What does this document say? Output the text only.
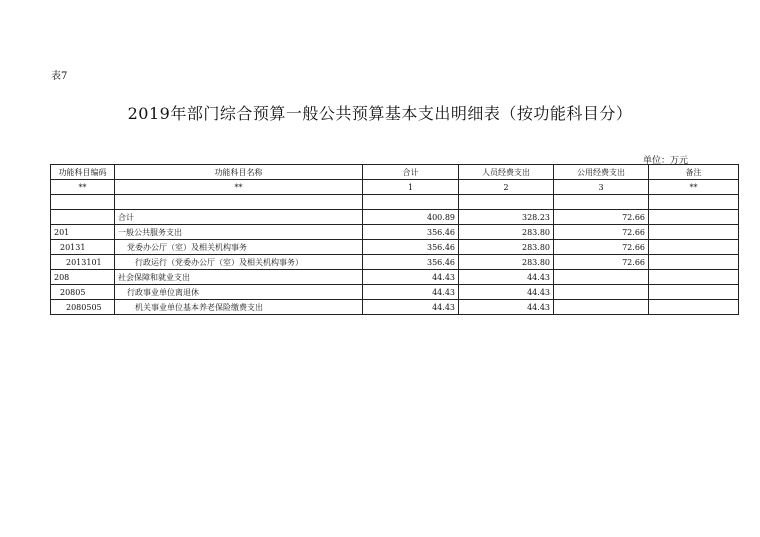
表7
2019年部门综合预算一般公共预算基本支出明细表（按功能科目分）
单位：万元
功能科目编码	功能科目名称	合计	人员经费支出	公用经费支出	备注
**	**	1	2	3	**

	合计	400.89	328.23	72.66	
201	一般公共服务支出	356.46	283.80	72.66	
20131	党委办公厅（室）及相关机构事务	356.46	283.80	72.66	
2013101	行政运行（党委办公厅（室）及相关机构事务）	356.46	283.80	72.66	
208	社会保障和就业支出	44.43	44.43		
20805	行政事业单位离退休	44.43	44.43		
2080505	机关事业单位基本养老保险缴费支出	44.43	44.43		
